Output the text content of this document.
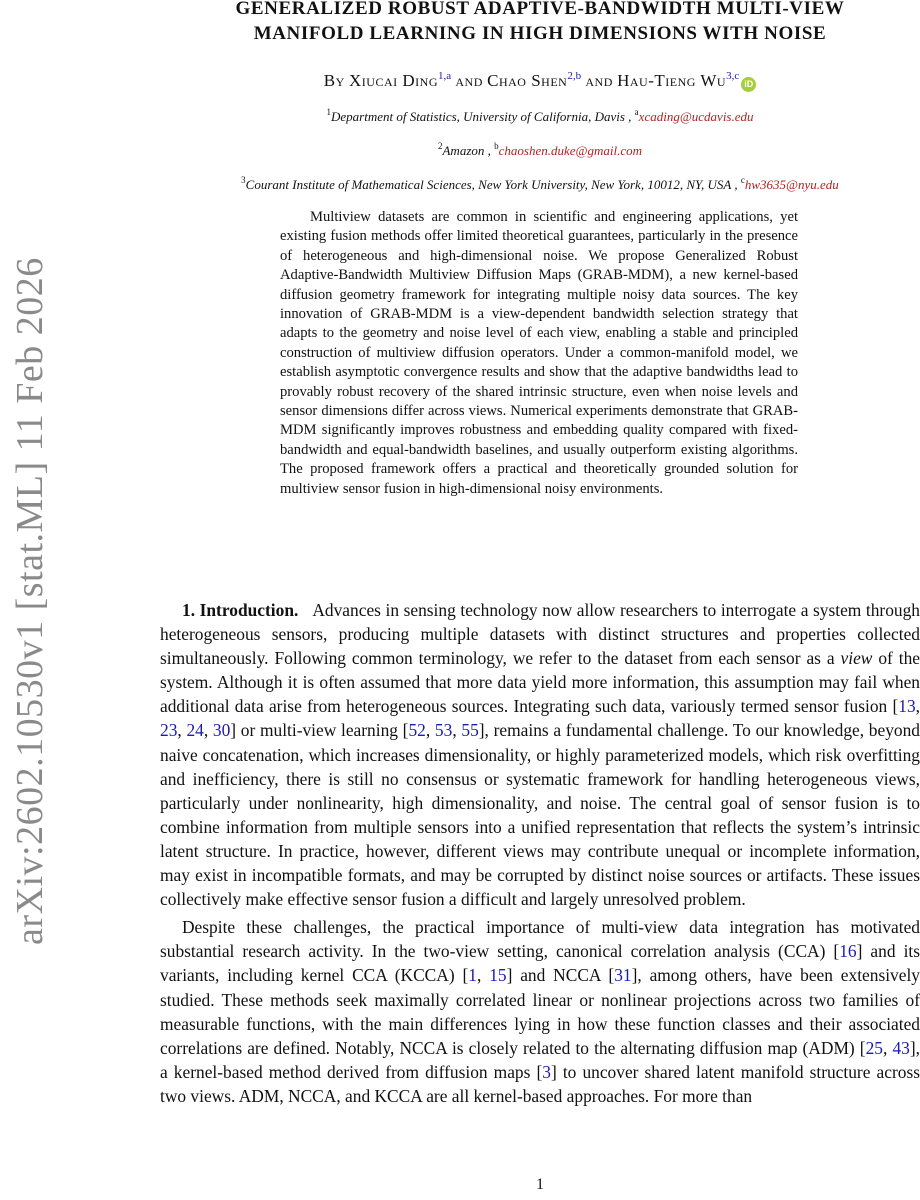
arXiv:2602.10530v1 [stat.ML] 11 Feb 2026
GENERALIZED ROBUST ADAPTIVE-BANDWIDTH MULTI-VIEW
MANIFOLD LEARNING IN HIGH DIMENSIONS WITH NOISE
By Xiucai Ding$^{1,a}$ and Chao Shen$^{2,b}$ and Hau-Tieng Wu$^{3,c}$iD
$^1$Department of Statistics, University of California, Davis , $^a$xcading@ucdavis.edu
$^2$Amazon , $^b$chaoshen.duke@gmail.com
$^3$Courant Institute of Mathematical Sciences, New York University, New York, 10012, NY, USA , $^c$hw3635@nyu.edu

Multiview datasets are common in scientific and engineering applications, yet existing fusion methods offer limited theoretical guarantees, particularly in the presence of heterogeneous and high-dimensional noise. We propose Generalized Robust Adaptive-Bandwidth Multiview Diffusion Maps (GRAB-MDM), a new kernel-based diffusion geometry framework for integrating multiple noisy data sources. The key innovation of GRAB-MDM is a view-dependent bandwidth selection strategy that adapts to the geometry and noise level of each view, enabling a stable and principled construction of multiview diffusion operators. Under a common-manifold model, we establish asymptotic convergence results and show that the adaptive bandwidths lead to provably robust recovery of the shared intrinsic structure, even when noise levels and sensor dimensions differ across views. Numerical experiments demonstrate that GRAB-MDM significantly improves robustness and embedding quality compared with fixed-bandwidth and equal-bandwidth baselines, and usually outperform existing algorithms. The proposed framework offers a practical and theoretically grounded solution for multiview sensor fusion in high-dimensional noisy environments.

1. Introduction. Advances in sensing technology now allow researchers to interrogate a system through heterogeneous sensors, producing multiple datasets with distinct structures and properties collected simultaneously. Following common terminology, we refer to the dataset from each sensor as a view of the system. Although it is often assumed that more data yield more information, this assumption may fail when additional data arise from heterogeneous sources. Integrating such data, variously termed sensor fusion [13, 23, 24, 30] or multi-view learning [52, 53, 55], remains a fundamental challenge. To our knowledge, beyond naive concatenation, which increases dimensionality, or highly parameterized models, which risk overfitting and inefficiency, there is still no consensus or systematic framework for handling heterogeneous views, particularly under nonlinearity, high dimensionality, and noise. The central goal of sensor fusion is to combine information from multiple sensors into a unified representation that reflects the system’s intrinsic latent structure. In practice, however, different views may contribute unequal or incomplete information, may exist in incompatible formats, and may be corrupted by distinct noise sources or artifacts. These issues collectively make effective sensor fusion a difficult and largely unresolved problem.

Despite these challenges, the practical importance of multi-view data integration has motivated substantial research activity. In the two-view setting, canonical correlation analysis (CCA) [16] and its variants, including kernel CCA (KCCA) [1, 15] and NCCA [31], among others, have been extensively studied. These methods seek maximally correlated linear or nonlinear projections across two families of measurable functions, with the main differences lying in how these function classes and their associated correlations are defined. Notably, NCCA is closely related to the alternating diffusion map (ADM) [25, 43], a kernel-based method derived from diffusion maps [3] to uncover shared latent manifold structure across two views. ADM, NCCA, and KCCA are all kernel-based approaches. For more than

1
